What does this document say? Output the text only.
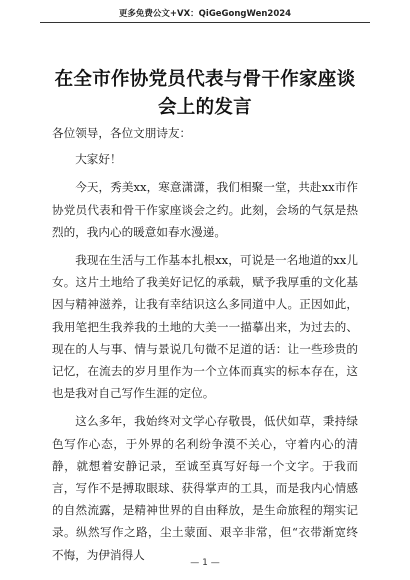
更多免费公文+VX：QiGeGongWen2024
在全市作协党员代表与骨干作家座谈会上的发言

各位领导，各位文朋诗友：

大家好！

今天，秀美xx，寒意潇潇，我们相聚一堂，共赴xx市作协党员代表和骨干作家座谈会之约。此刻，会场的气氛是热烈的，我内心的暖意如春水漫递。

我现在生活与工作基本扎根xx，可说是一名地道的xx儿女。这片土地给了我美好记忆的承载，赋予我厚重的文化基因与精神滋养，让我有幸结识这么多同道中人。正因如此，我用笔把生我养我的土地的大美一一描摹出来，为过去的、现在的人与事、情与景说几句微不足道的话：让一些珍贵的记忆，在流去的岁月里作为一个立体而真实的标本存在，这也是我对自己写作生涯的定位。

这么多年，我始终对文学心存敬畏，低伏如草，秉持绿色写作心态，于外界的名利纷争漠不关心，守着内心的清静，就想着安静记录，至诚至真写好每一个文字。于我而言，写作不是搏取眼球、获得掌声的工具，而是我内心情感的自然流露，是精神世界的自由释放，是生命旅程的翔实记录。纵然写作之路，尘土蒙面、艰辛非常，但“衣带渐宽终不悔，为伊消得人

— 1 —
